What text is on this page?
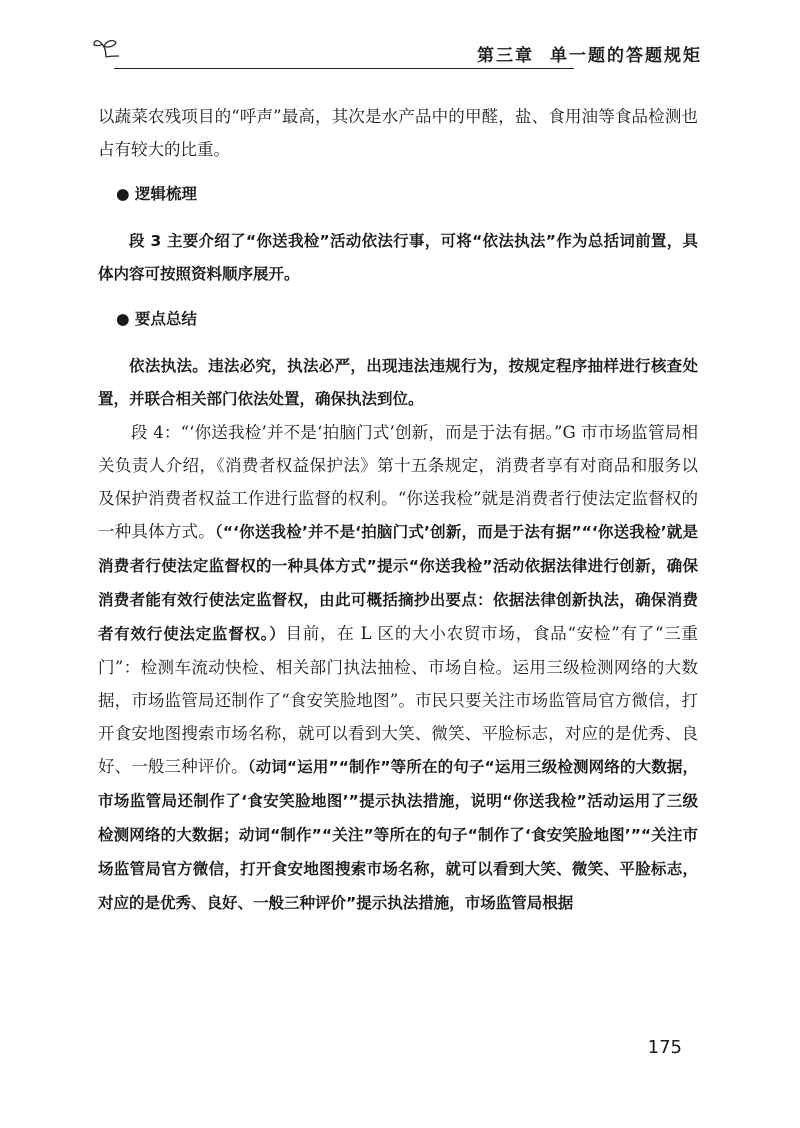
第三章 单一题的答题规矩

以蔬菜农残项目的“呼声”最高，其次是水产品中的甲醛，盐、食用油等食品检测也占有较大的比重。

● 逻辑梳理

段 3 主要介绍了“你送我检”活动依法行事，可将“依法执法”作为总括词前置，具体内容可按照资料顺序展开。

● 要点总结

依法执法。违法必究，执法必严，出现违法违规行为，按规定程序抽样进行核查处置，并联合相关部门依法处置，确保执法到位。

段 4：“‘你送我检’并不是‘拍脑门式’创新，而是于法有据。”G 市市场监管局相关负责人介绍，《消费者权益保护法》第十五条规定，消费者享有对商品和服务以及保护消费者权益工作进行监督的权利。“你送我检”就是消费者行使法定监督权的一种具体方式。（“‘你送我检’并不是‘拍脑门式’创新，而是于法有据”“‘你送我检’就是消费者行使法定监督权的一种具体方式”提示“你送我检”活动依据法律进行创新，确保消费者能有效行使法定监督权，由此可概括摘抄出要点：依据法律创新执法，确保消费者有效行使法定监督权。）目前，在 L 区的大小农贸市场，食品“安检”有了“三重门”：检测车流动快检、相关部门执法抽检、市场自检。运用三级检测网络的大数据，市场监管局还制作了“食安笑脸地图”。市民只要关注市场监管局官方微信，打开食安地图搜索市场名称，就可以看到大笑、微笑、平脸标志，对应的是优秀、良好、一般三种评价。（动词“运用”“制作”等所在的句子“运用三级检测网络的大数据，市场监管局还制作了‘食安笑脸地图’”提示执法措施，说明“你送我检”活动运用了三级检测网络的大数据；动词“制作”“关注”等所在的句子“制作了‘食安笑脸地图’”“关注市场监管局官方微信，打开食安地图搜索市场名称，就可以看到大笑、微笑、平脸标志，对应的是优秀、良好、一般三种评价”提示执法措施，市场监管局根据

175
